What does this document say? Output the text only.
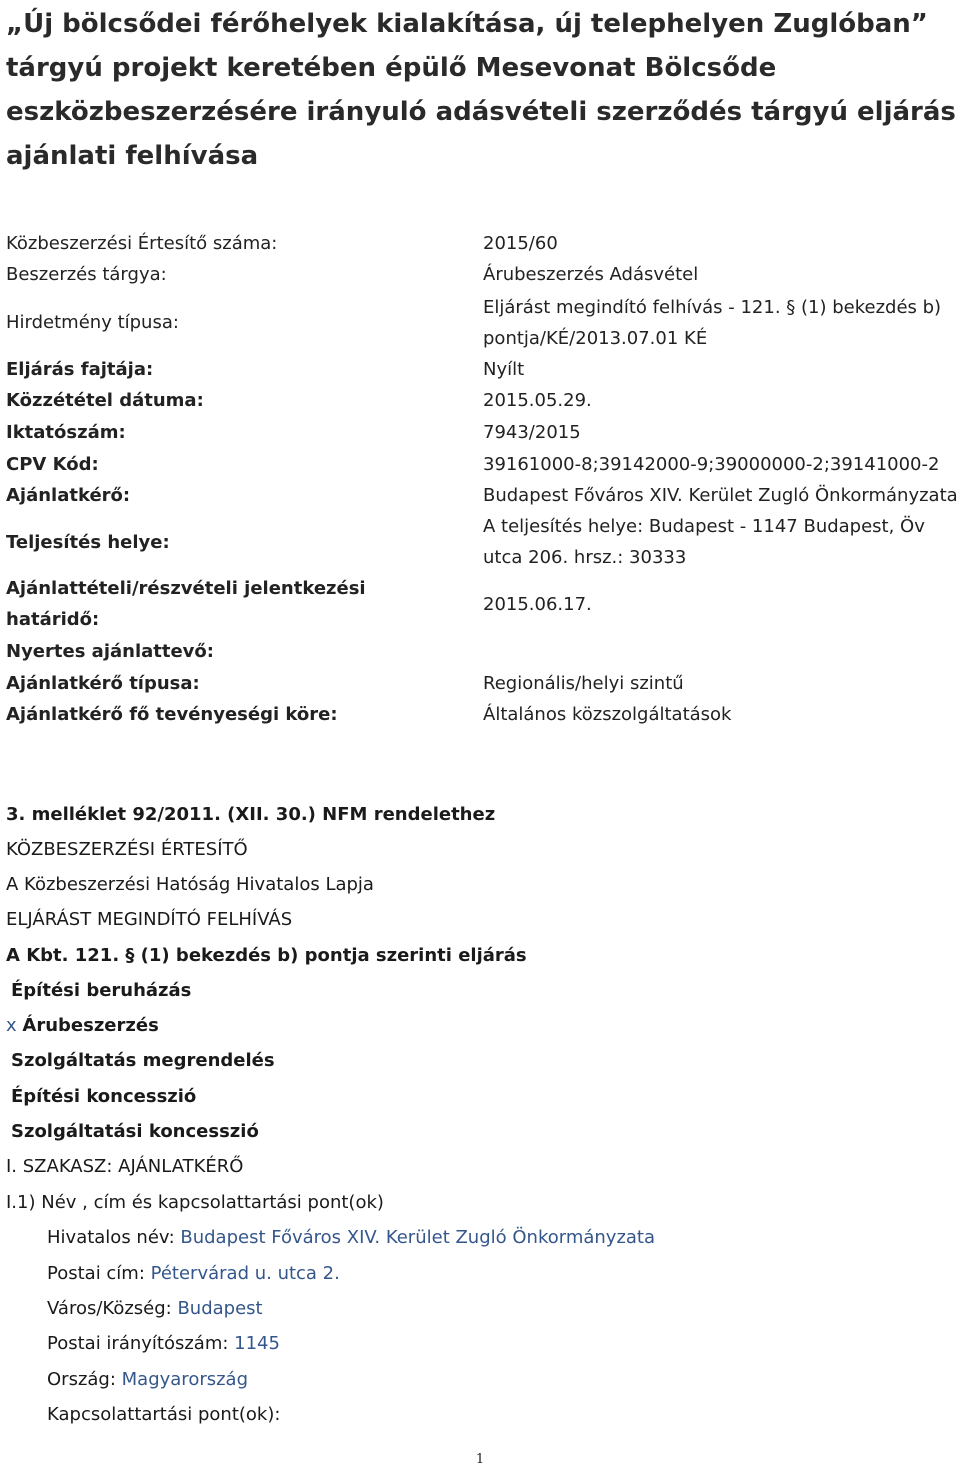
„Új bölcsődei férőhelyek kialakítása, új telephelyen Zuglóban”
tárgyú projekt keretében épülő Mesevonat Bölcsőde
eszközbeszerzésére irányuló adásvételi szerződés tárgyú eljárás
ajánlati felhívása
Közbeszerzési Értesítő száma:	2015/60
Beszerzés tárgya:	Árubeszerzés Adásvétel
Hirdetmény típusa:
Eljárást megindító felhívás - 121. § (1) bekezdés b)
pontja/KÉ/2013.07.01 KÉ
Eljárás fajtája:	Nyílt
Közzététel dátuma:	2015.05.29.
Iktatószám:	7943/2015
CPV Kód:	39161000-8;39142000-9;39000000-2;39141000-2
Ajánlatkérő:	Budapest Főváros XIV. Kerület Zugló Önkormányzata
Teljesítés helye:
A teljesítés helye: Budapest - 1147 Budapest, Öv
utca 206. hrsz.: 30333
Ajánlattételi/részvételi jelentkezési
határidő:
2015.06.17.
Nyertes ajánlattevő:
Ajánlatkérő típusa:	Regionális/helyi szintű
Ajánlatkérő fő tevényeségi köre:	Általános közszolgáltatások
3. melléklet 92/2011. (XII. 30.) NFM rendelethez
KÖZBESZERZÉSI ÉRTESÍTŐ
A Közbeszerzési Hatóság Hivatalos Lapja
ELJÁRÁST MEGINDÍTÓ FELHÍVÁS
A Kbt. 121. § (1) bekezdés b) pontja szerinti eljárás
Építési beruházás
x Árubeszerzés
Szolgáltatás megrendelés
Építési koncesszió
Szolgáltatási koncesszió
I. SZAKASZ: AJÁNLATKÉRŐ
I.1) Név , cím és kapcsolattartási pont(ok)
Hivatalos név: Budapest Főváros XIV. Kerület Zugló Önkormányzata
Postai cím: Pétervárad u. utca 2.
Város/Község: Budapest
Postai irányítószám: 1145
Ország: Magyarország
Kapcsolattartási pont(ok):
1
